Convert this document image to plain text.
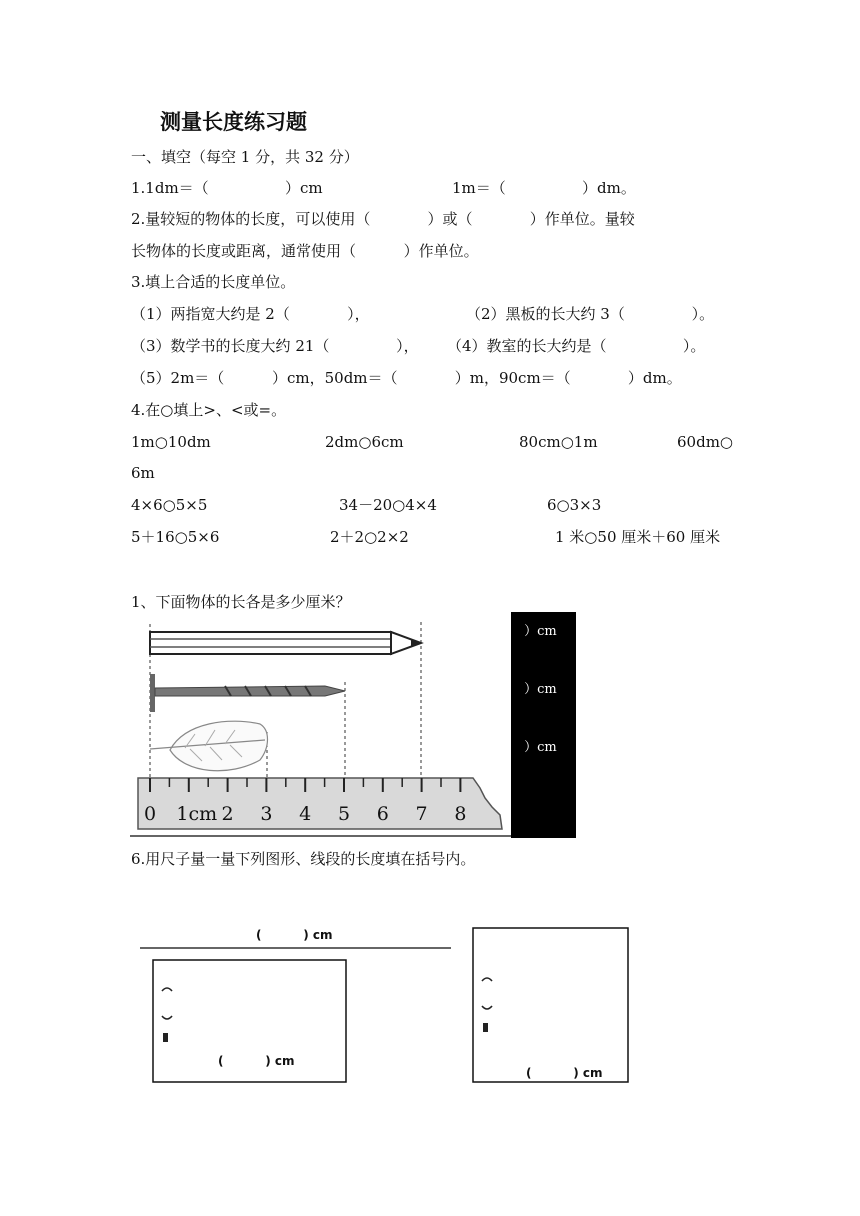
测量长度练习题
一、填空（每空 1 分，共 32 分）
1.1dm＝（                ）cm	1m＝（                ）dm。
2.量较短的物体的长度，可以使用（            ）或（            ）作单位。量较
长物体的长度或距离，通常使用（          ）作单位。
3.填上合适的长度单位。
（1）两指宽大约是 2（            ），	（2）黑板的长大约 3（              ）。
（3）数学书的长度大约 21（              ）， （4）教室的长大约是（                ）。
（5）2m＝（          ）cm，50dm＝（            ）m，90cm＝（            ）dm。
4.在○填上>、<或=。
1m○10dm	2dm○6cm	80cm○1m	60dm○
6m
4×6○5×5	34－20○4×4	6○3×3
5＋16○5×6	2＋2○2×2	1 米○50 厘米＋60 厘米
1、下面物体的长各是多少厘米？
0 1cm 2 3 4 5 6 7 8
）cm
）cm
）cm
6.用尺子量一量下列图形、线段的长度填在括号内。
(          ) cm
(          ) cm
(          ) cm
